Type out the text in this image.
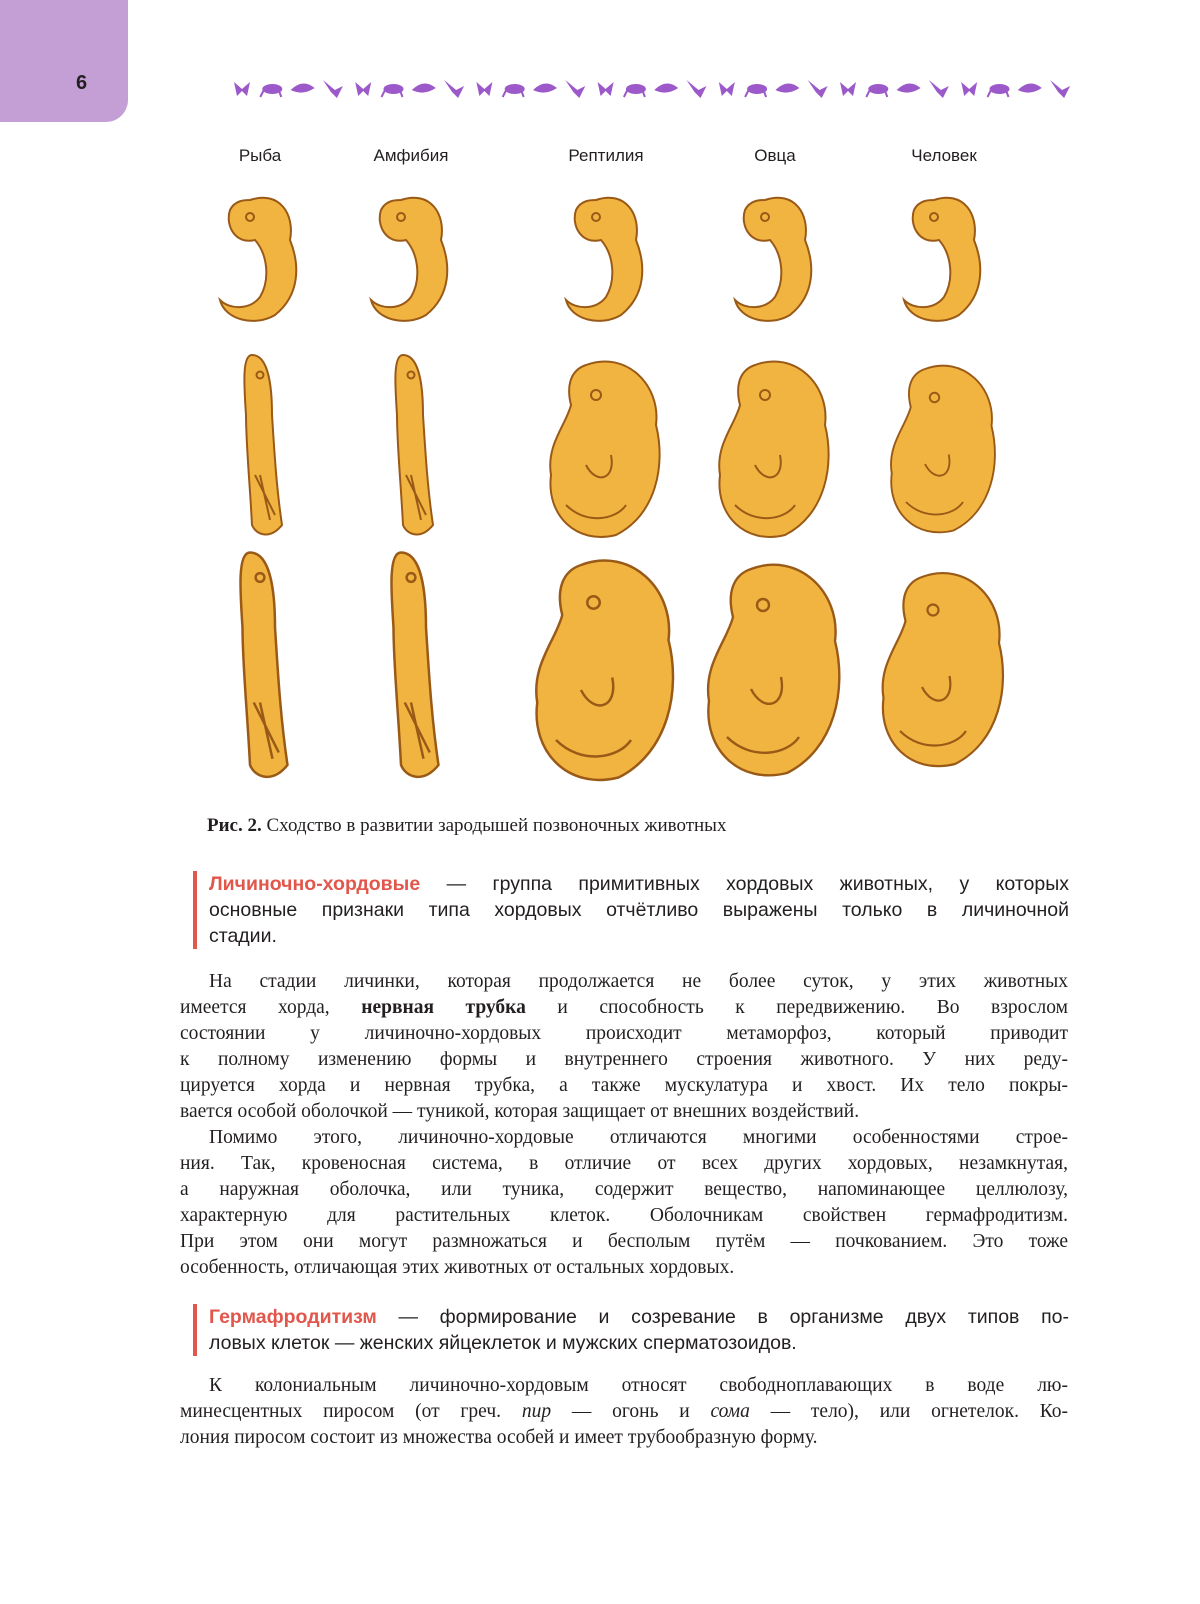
6
Рыба	Амфибия	Рептилия	Овца	Человек
Рис. 2. Сходство в развитии зародышей позвоночных животных
Личиночно-хордовые — группа примитивных хордовых животных, у которых
основные признаки типа хордовых отчётливо выражены только в личиночной
стадии.
На стадии личинки, которая продолжается не более суток, у этих животных
имеется хорда, нервная трубка и способность к передвижению. Во взрослом
состоянии у личиночно-хордовых происходит метаморфоз, который приводит
к полному изменению формы и внутреннего строения животного. У них реду-
цируется хорда и нервная трубка, а также мускулатура и хвост. Их тело покры-
вается особой оболочкой — туникой, которая защищает от внешних воздействий.
Помимо этого, личиночно-хордовые отличаются многими особенностями строе-
ния. Так, кровеносная система, в отличие от всех других хордовых, незамкнутая,
а наружная оболочка, или туника, содержит вещество, напоминающее целлюлозу,
характерную для растительных клеток. Оболочникам свойствен гермафродитизм.
При этом они могут размножаться и бесполым путём — почкованием. Это тоже
особенность, отличающая этих животных от остальных хордовых.
Гермафродитизм — формирование и созревание в организме двух типов по-
ловых клеток — женских яйцеклеток и мужских сперматозоидов.
К колониальным личиночно-хордовым относят свободноплавающих в воде лю-
минесцентных пиросом (от греч. пир — огонь и сома — тело), или огнетелок. Ко-
лония пиросом состоит из множества особей и имеет трубообразную форму.
